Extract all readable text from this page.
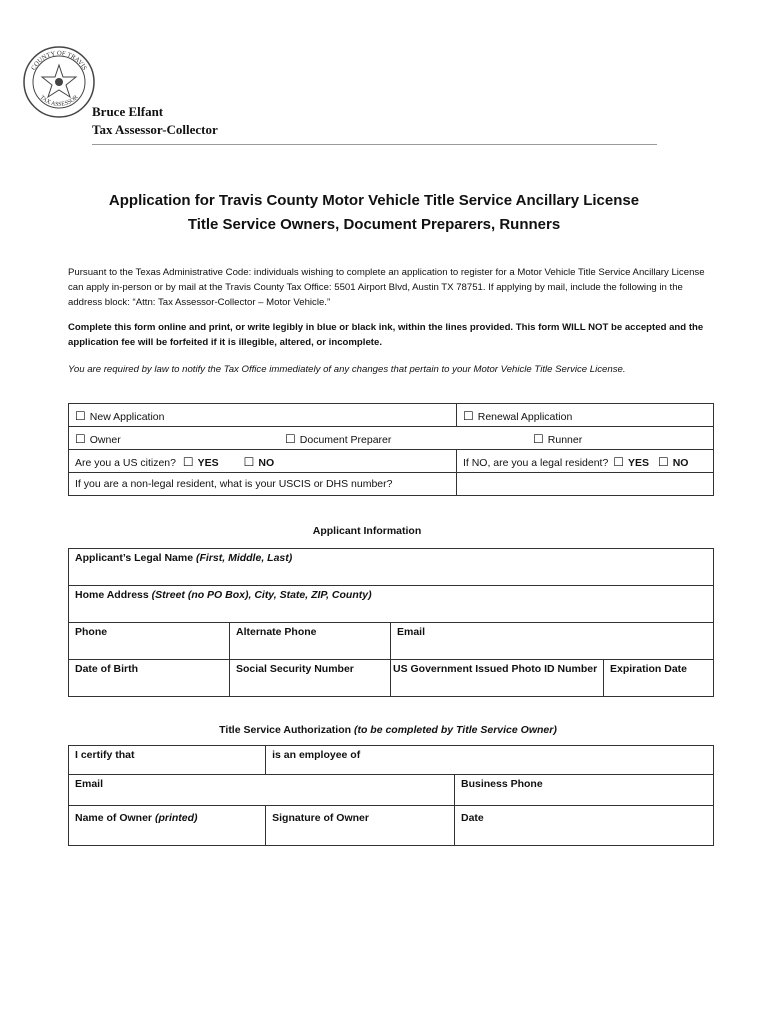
COUNTY OF TRAVIS
TAX ASSESSOR
Bruce Elfant
Tax Assessor-Collector
Application for Travis County Motor Vehicle Title Service Ancillary License
Title Service Owners, Document Preparers, Runners
Pursuant to the Texas Administrative Code: individuals wishing to complete an application to register for a Motor Vehicle Title Service Ancillary License can apply in-person or by mail at the Travis County Tax Office: 5501 Airport Blvd, Austin TX 78751. If applying by mail, include the following in the address block: “Attn: Tax Assessor-Collector – Motor Vehicle.”
Complete this form online and print, or write legibly in blue or black ink, within the lines provided. This form WILL NOT be accepted and the application fee will be forfeited if it is illegible, altered, or incomplete.
You are required by law to notify the Tax Office immediately of any changes that pertain to your Motor Vehicle Title Service License.
☐ New Application	☐ Renewal Application
☐ Owner ☐ Document Preparer ☐ Runner	
Are you a US citizen? ☐ YES ☐ NO	If NO, are you a legal resident? ☐ YES ☐ NO
If you are a non-legal resident, what is your USCIS or DHS number?	
Applicant Information
Applicant’s Legal Name (First, Middle, Last)			
Home Address (Street (no PO Box), City, State, ZIP, County)			
Phone	Alternate Phone	Email	
Date of Birth	Social Security Number	US Government Issued Photo ID Number	Expiration Date
Title Service Authorization (to be completed by Title Service Owner)
I certify that	is an employee of	
Email		Business Phone
Name of Owner (printed)	Signature of Owner	Date
